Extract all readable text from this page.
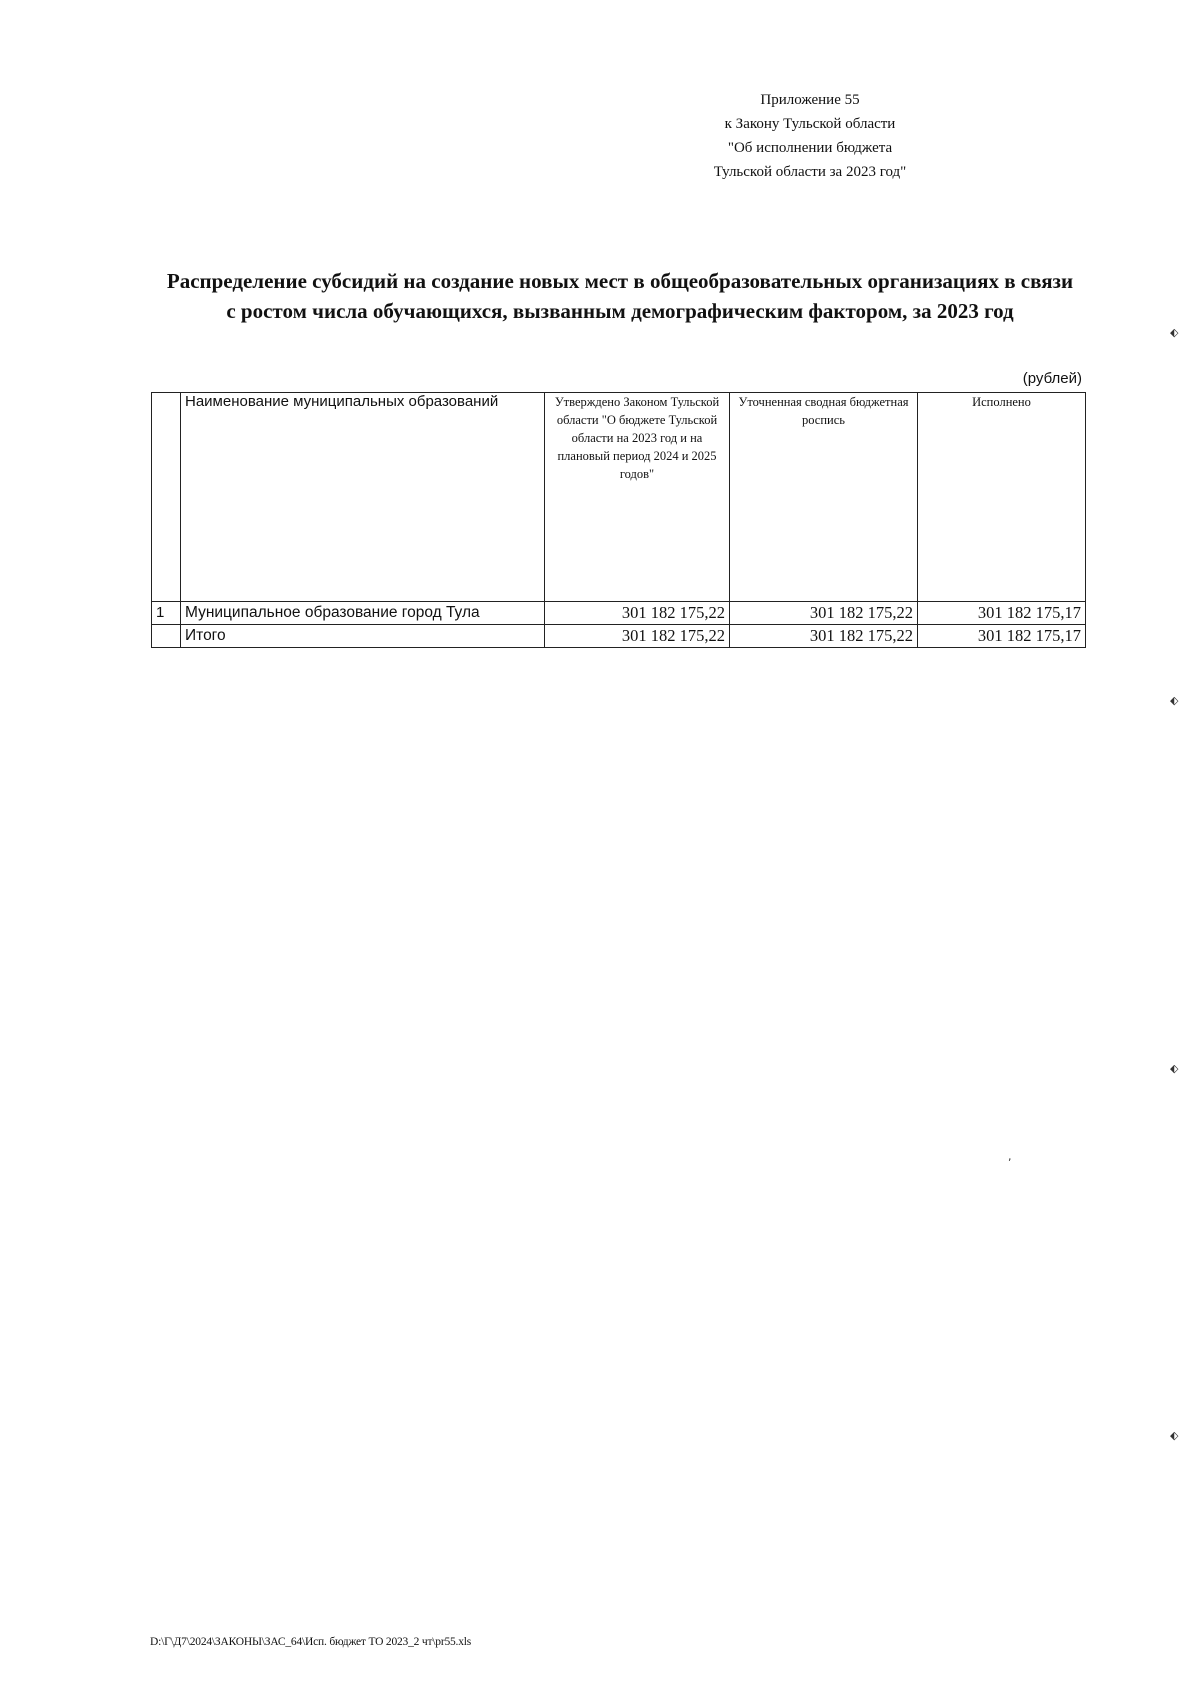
Приложение 55
к Закону Тульской области
"Об исполнении бюджета
Тульской области за 2023 год"
Распределение субсидий на создание новых мест в общеобразовательных организациях в связи
с ростом числа обучающихся, вызванным демографическим фактором, за 2023 год
(рублей)
	Наименование муниципальных образований	Утверждено Законом Тульской области "О бюджете Тульской области на 2023 год и на плановый период 2024 и 2025 годов"	Уточненная сводная бюджетная роспись	Исполнено
1	Муниципальное образование город Тула	301 182 175,22	301 182 175,22	301 182 175,17
	Итого	301 182 175,22	301 182 175,22	301 182 175,17
D:\Г\Д7\2024\ЗАКОНЫ\ЗАС_64\Исп. бюджет ТО 2023_2 чт\pr55.xls
⬖
⬖
⬖
⬖
,
